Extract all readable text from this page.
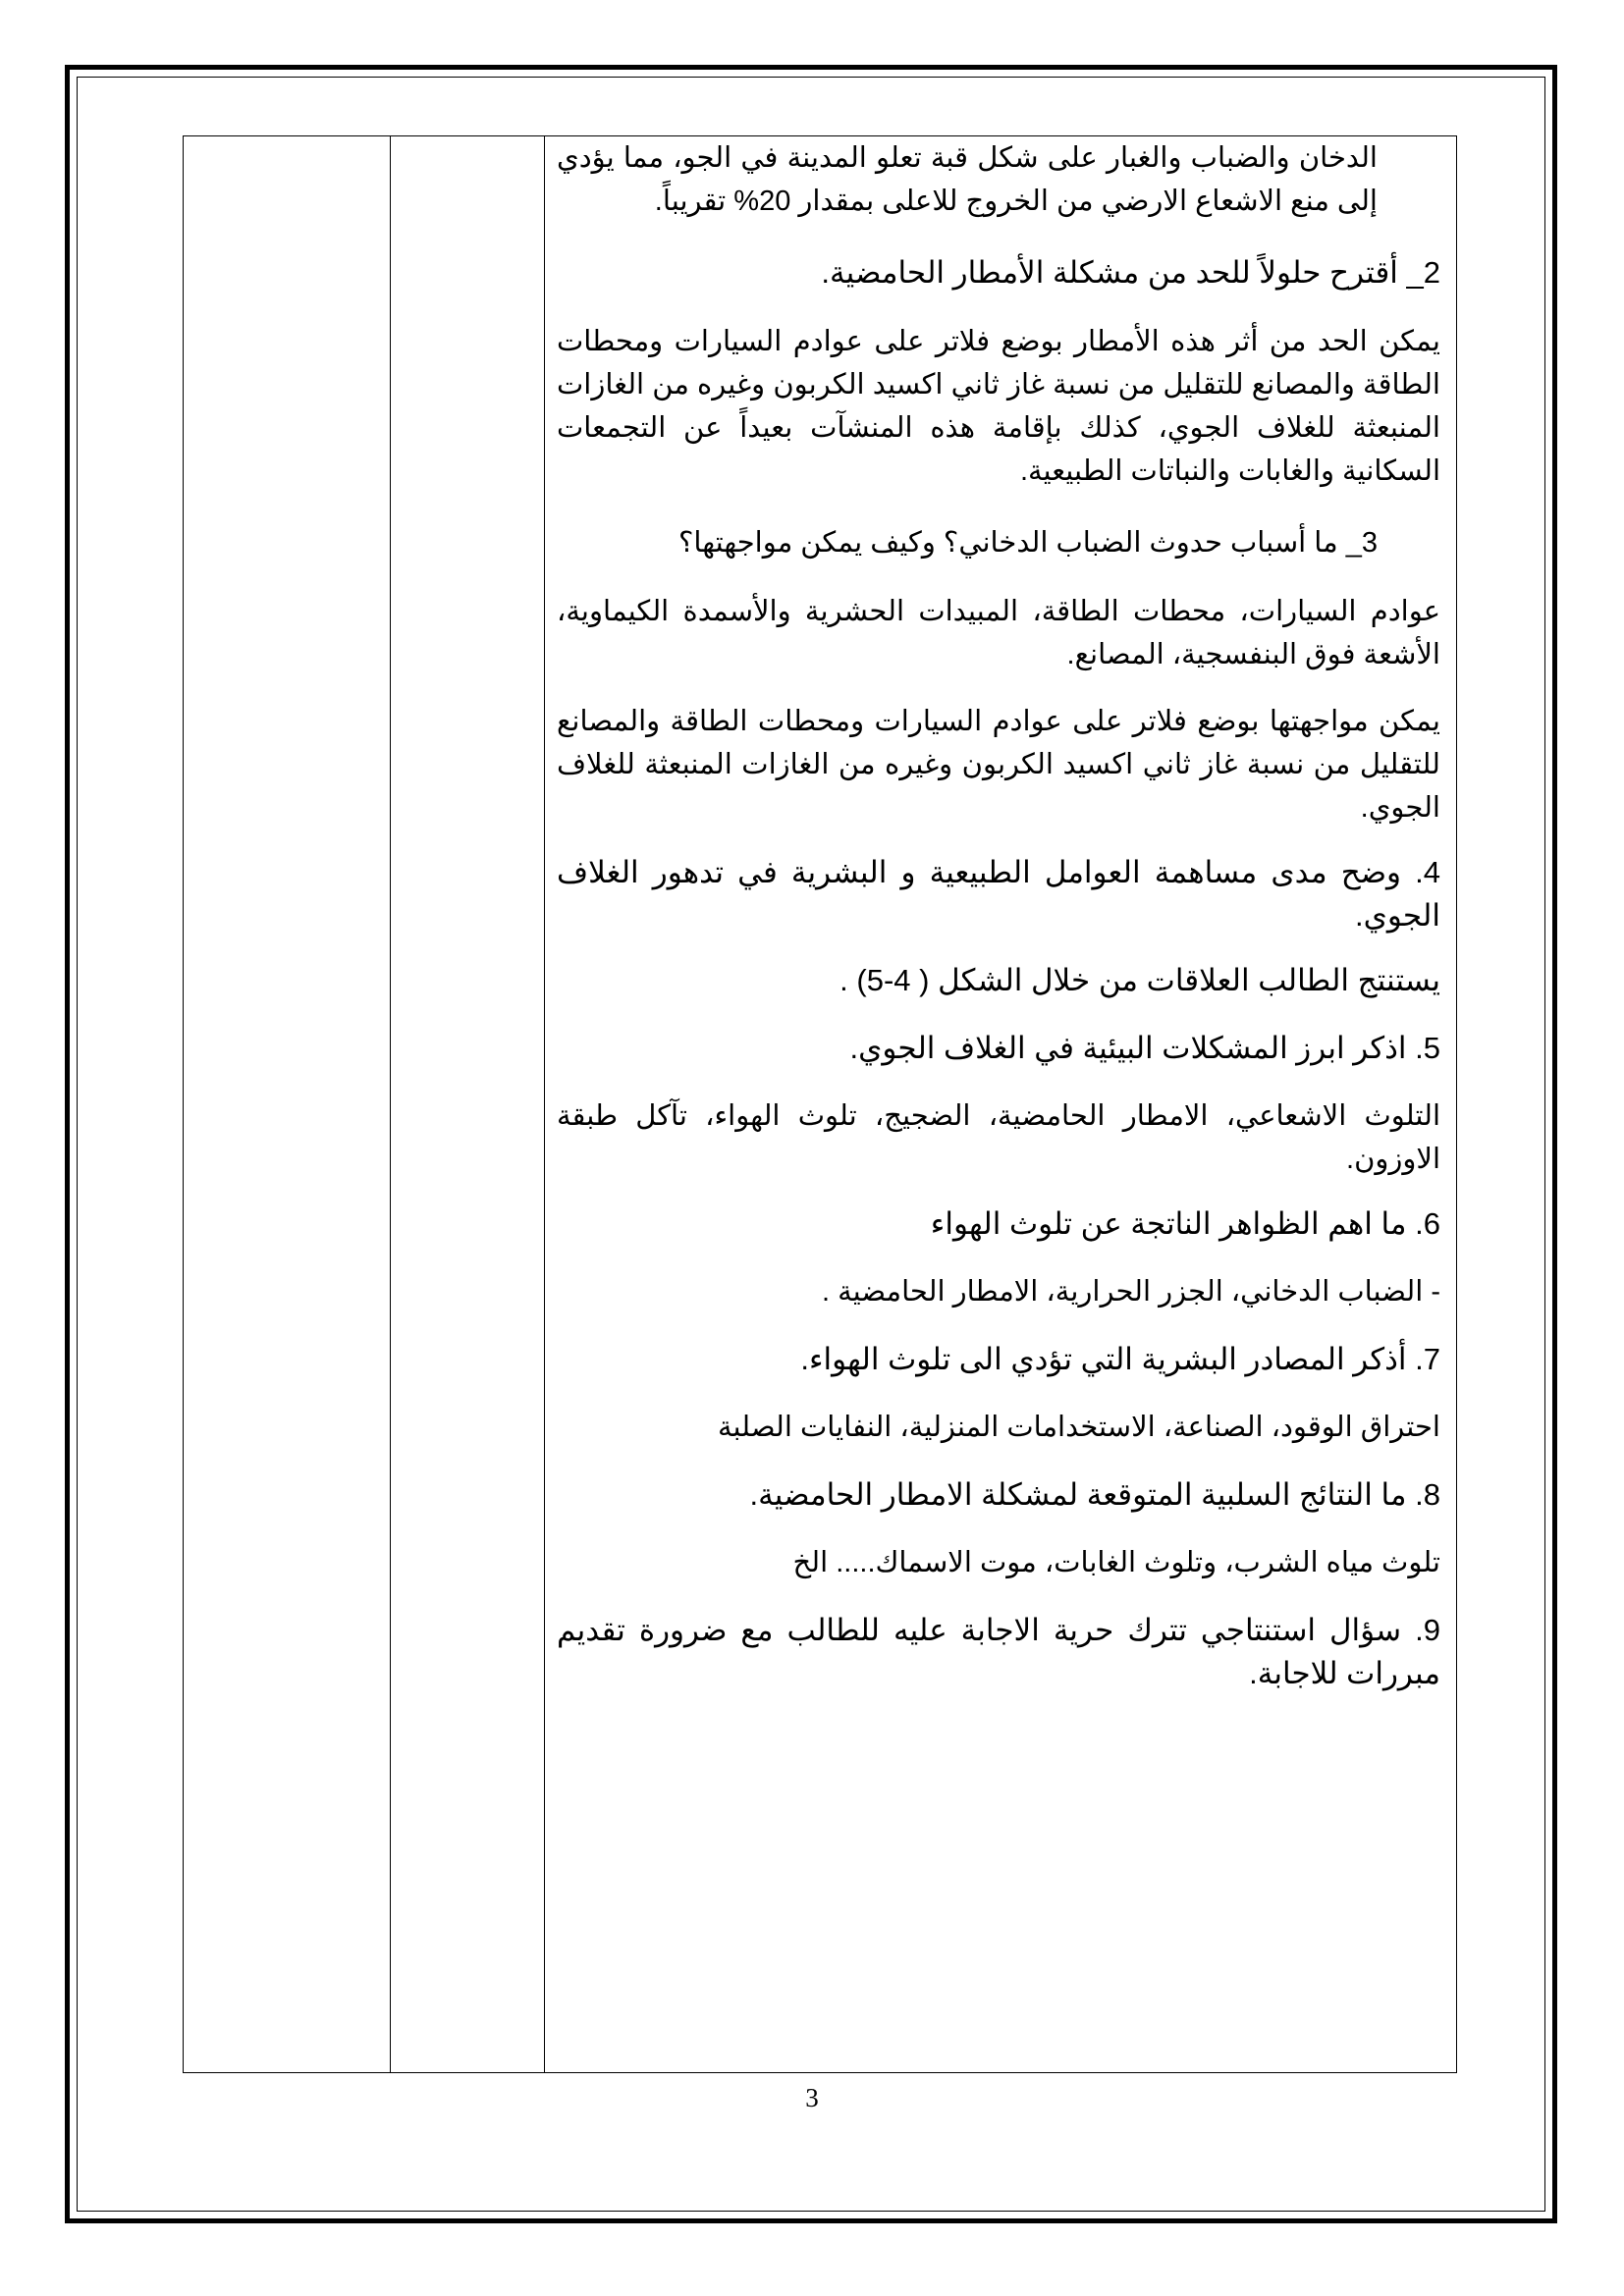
الدخان والضباب والغبار على شكل قبة تعلو المدينة في الجو، مما يؤدي إلى منع الاشعاع الارضي من الخروج للاعلى بمقدار 20% تقريباً.

2_ أقترح حلولاً للحد من مشكلة الأمطار الحامضية.

يمكن الحد من أثر هذه الأمطار بوضع فلاتر على عوادم السيارات ومحطات الطاقة والمصانع للتقليل من نسبة غاز ثاني اكسيد الكربون وغيره من الغازات المنبعثة للغلاف الجوي، كذلك بإقامة هذه المنشآت بعيداً عن التجمعات السكانية والغابات والنباتات الطبيعية.

3_ ما أسباب حدوث الضباب الدخاني؟ وكيف يمكن مواجهتها؟

عوادم السيارات، محطات الطاقة، المبيدات الحشرية والأسمدة الكيماوية، الأشعة فوق البنفسجية، المصانع.

يمكن مواجهتها بوضع فلاتر على عوادم السيارات ومحطات الطاقة والمصانع للتقليل من نسبة غاز ثاني اكسيد الكربون وغيره من الغازات المنبعثة للغلاف الجوي.

4. وضح مدى مساهمة العوامل الطبيعية و البشرية في تدهور الغلاف الجوي.

يستنتج الطالب العلاقات من خلال الشكل ( 4-5) .

5. اذكر ابرز المشكلات البيئية في الغلاف الجوي.

التلوث الاشعاعي، الامطار الحامضية، الضجيج، تلوث الهواء، تآكل طبقة الاوزون.

6. ما اهم الظواهر الناتجة عن تلوث الهواء

- الضباب الدخاني، الجزر الحرارية، الامطار الحامضية .

7. أذكر المصادر البشرية التي تؤدي الى تلوث الهواء.

احتراق الوقود، الصناعة، الاستخدامات المنزلية، النفايات الصلبة

8. ما النتائج السلبية المتوقعة لمشكلة الامطار الحامضية.

تلوث مياه الشرب، وتلوث الغابات، موت الاسماك..... الخ

9. سؤال استنتاجي تترك حرية الاجابة عليه للطالب مع ضرورة تقديم مبررات للاجابة.

3
